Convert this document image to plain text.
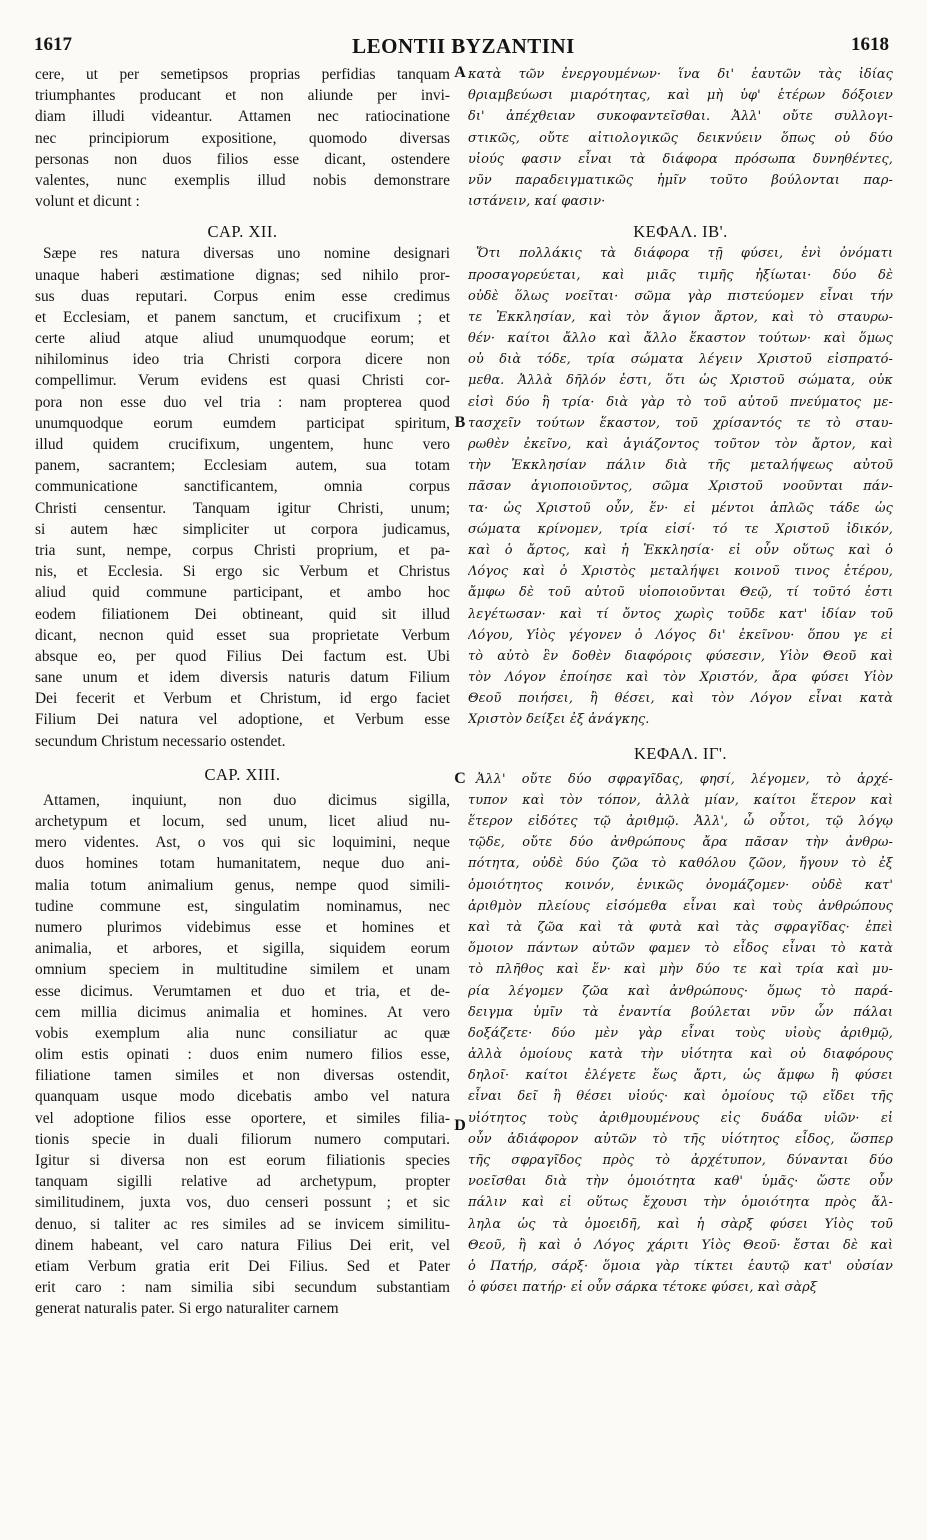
1617	LEONTII BYZANTINI	1618
A
B
C
D
cere, ut per semetipsos proprias perfidias tanquam
triumphantes producant et non aliunde per invi-
diam illudi videantur. Attamen nec ratiocinatione
nec principiorum expositione, quomodo diversas
personas non duos filios esse dicant, ostendere
valentes, nunc exemplis illud nobis demonstrare
volunt et dicunt :
CAP. XII.
Sæpe res natura diversas uno nomine designari
unaque haberi æstimatione dignas; sed nihilo pror-
sus duas reputari. Corpus enim esse credimus
et Ecclesiam, et panem sanctum, et crucifixum ; et
certe aliud atque aliud unumquodque eorum; et
nihilominus ideo tria Christi corpora dicere non
compellimur. Verum evidens est quasi Christi cor-
pora non esse duo vel tria : nam propterea quod
unumquodque eorum eumdem participat spiritum,
illud quidem crucifixum, ungentem, hunc vero
panem, sacrantem; Ecclesiam autem, sua totam
communicatione sanctificantem, omnia corpus
Christi censentur. Tanquam igitur Christi, unum;
si autem hæc simpliciter ut corpora judicamus,
tria sunt, nempe, corpus Christi proprium, et pa-
nis, et Ecclesia. Si ergo sic Verbum et Christus
aliud quid commune participant, et ambo hoc
eodem filiationem Dei obtineant, quid sit illud
dicant, necnon quid esset sua proprietate Verbum
absque eo, per quod Filius Dei factum est. Ubi
sane unum et idem diversis naturis datum Filium
Dei fecerit et Verbum et Christum, id ergo faciet
Filium Dei natura vel adoptione, et Verbum esse
secundum Christum necessario ostendet.
CAP. XIII.
Attamen, inquiunt, non duo dicimus sigilla,
archetypum et locum, sed unum, licet aliud nu-
mero videntes. Ast, o vos qui sic loquimini, neque
duos homines totam humanitatem, neque duo ani-
malia totum animalium genus, nempe quod simili-
tudine commune est, singulatim nominamus, nec
numero plurimos videbimus esse et homines et
animalia, et arbores, et sigilla, siquidem eorum
omnium speciem in multitudine similem et unam
esse dicimus. Verumtamen et duo et tria, et de-
cem millia dicimus animalia et homines. At vero
vobis exemplum alia nunc consiliatur ac quæ
olim estis opinati : duos enim numero filios esse,
filiatione tamen similes et non diversas ostendit,
quanquam usque modo dicebatis ambo vel natura
vel adoptione filios esse oportere, et similes filia-
tionis specie in duali filiorum numero computari.
Igitur si diversa non est eorum filiationis species
tanquam sigilli relative ad archetypum, propter
similitudinem, juxta vos, duo censeri possunt ; et sic
denuo, si taliter ac res similes ad se invicem similitu-
dinem habeant, vel caro natura Filius Dei erit, vel
etiam Verbum gratia erit Dei Filius. Sed et Pater
erit caro : nam similia sibi secundum substantiam
generat naturalis pater. Si ergo naturaliter carnem
κατὰ τῶν ἐνεργουμένων· ἵνα δι' ἑαυτῶν τὰς ἰδίας
θριαμβεύωσι μιαρότητας, καὶ μὴ ὑφ' ἑτέρων δόξοιεν
δι' ἀπέχθειαν συκοφαντεῖσθαι. Ἀλλ' οὔτε συλλογι-
στικῶς, οὔτε αἰτιολογικῶς δεικνύειν ὅπως οὐ δύο
υἱούς φασιν εἶναι τὰ διάφορα πρόσωπα δυνηθέντες,
νῦν παραδειγματικῶς ἡμῖν τοῦτο βούλονται παρ-
ιστάνειν, καί φασιν·
ΚΕΦΑΛ. ΙΒ'.
Ὅτι πολλάκις τὰ διάφορα τῇ φύσει, ἑνὶ ὀνόματι
προσαγορεύεται, καὶ μιᾶς τιμῆς ἠξίωται· δύο δὲ
οὐδὲ ὅλως νοεῖται· σῶμα γὰρ πιστεύομεν εἶναι τήν
τε Ἐκκλησίαν, καὶ τὸν ἅγιον ἄρτον, καὶ τὸ σταυρω-
θέν· καίτοι ἄλλο καὶ ἄλλο ἕκαστον τούτων· καὶ ὅμως
οὐ διὰ τόδε, τρία σώματα λέγειν Χριστοῦ εἰσπρατό-
μεθα. Ἀλλὰ δῆλόν ἐστι, ὅτι ὡς Χριστοῦ σώματα, οὐκ
εἰσὶ δύο ἢ τρία· διὰ γὰρ τὸ τοῦ αὐτοῦ πνεύματος με-
τασχεῖν τούτων ἕκαστον, τοῦ χρίσαντός τε τὸ σταυ-
ρωθὲν ἐκεῖνο, καὶ ἁγιάζοντος τοῦτον τὸν ἄρτον, καὶ
τὴν Ἐκκλησίαν πάλιν διὰ τῆς μεταλήψεως αὐτοῦ
πᾶσαν ἁγιοποιοῦντος, σῶμα Χριστοῦ νοοῦνται πάν-
τα· ὡς Χριστοῦ οὖν, ἕν· εἰ μέντοι ἁπλῶς τάδε ὡς
σώματα κρίνομεν, τρία εἰσί· τό τε Χριστοῦ ἰδικόν,
καὶ ὁ ἄρτος, καὶ ἡ Ἐκκλησία· εἰ οὖν οὕτως καὶ ὁ
Λόγος καὶ ὁ Χριστὸς μεταλήψει κοινοῦ τινος ἑτέρου,
ἄμφω δὲ τοῦ αὐτοῦ υἱοποιοῦνται Θεῷ, τί τοῦτό ἐστι
λεγέτωσαν· καὶ τί ὄντος χωρὶς τοῦδε κατ' ἰδίαν τοῦ
Λόγου, Υἱὸς γέγονεν ὁ Λόγος δι' ἐκεῖνου· ὅπου γε εἰ
τὸ αὐτὸ ἓν δοθὲν διαφόροις φύσεσιν, Υἱὸν Θεοῦ καὶ
τὸν Λόγον ἐποίησε καὶ τὸν Χριστόν, ἄρα φύσει Υἱὸν
Θεοῦ ποιήσει, ἢ θέσει, καὶ τὸν Λόγον εἶναι κατὰ
Χριστὸν δείξει ἐξ ἀνάγκης.
ΚΕΦΑΛ. ΙΓ'.
Ἀλλ' οὔτε δύο σφραγῖδας, φησί, λέγομεν, τὸ ἀρχέ-
τυπον καὶ τὸν τόπον, ἀλλὰ μίαν, καίτοι ἕτερον καὶ
ἕτερον εἰδότες τῷ ἀριθμῷ. Ἀλλ', ὦ οὗτοι, τῷ λόγῳ
τῷδε, οὔτε δύο ἀνθρώπους ἄρα πᾶσαν τὴν ἀνθρω-
πότητα, οὐδὲ δύο ζῶα τὸ καθόλου ζῶον, ἤγουν τὸ ἐξ
ὁμοιότητος κοινόν, ἑνικῶς ὀνομάζομεν· οὐδὲ κατ'
ἀριθμὸν πλείους εἰσόμεθα εἶναι καὶ τοὺς ἀνθρώπους
καὶ τὰ ζῶα καὶ τὰ φυτὰ καὶ τὰς σφραγῖδας· ἐπεὶ
ὅμοιον πάντων αὐτῶν φαμεν τὸ εἶδος εἶναι τὸ κατὰ
τὸ πλῆθος καὶ ἕν· καὶ μὴν δύο τε καὶ τρία καὶ μυ-
ρία λέγομεν ζῶα καὶ ἀνθρώπους· ὅμως τὸ παρά-
δειγμα ὑμῖν τὰ ἐναντία βούλεται νῦν ὧν πάλαι
δοξάζετε· δύο μὲν γὰρ εἶναι τοὺς υἱοὺς ἀριθμῷ,
ἀλλὰ ὁμοίους κατὰ τὴν υἱότητα καὶ οὐ διαφόρους
δηλοῖ· καίτοι ἐλέγετε ἕως ἄρτι, ὡς ἄμφω ἢ φύσει
εἶναι δεῖ ἢ θέσει υἱούς· καὶ ὁμοίους τῷ εἴδει τῆς
υἱότητος τοὺς ἀριθμουμένους εἰς δυάδα υἱῶν· εἰ
οὖν ἀδιάφορον αὐτῶν τὸ τῆς υἱότητος εἶδος, ὥσπερ
τῆς σφραγῖδος πρὸς τὸ ἀρχέτυπον, δύνανται δύο
νοεῖσθαι διὰ τὴν ὁμοιότητα καθ' ὑμᾶς· ὥστε οὖν
πάλιν καὶ εἰ οὕτως ἔχουσι τὴν ὁμοιότητα πρὸς ἄλ-
ληλα ὡς τὰ ὁμοειδῆ, καὶ ἡ σὰρξ φύσει Υἱὸς τοῦ
Θεοῦ, ἢ καὶ ὁ Λόγος χάριτι Υἱὸς Θεοῦ· ἔσται δὲ καὶ
ὁ Πατήρ, σάρξ· ὅμοια γὰρ τίκτει ἑαυτῷ κατ' οὐσίαν
ὁ φύσει πατήρ· εἰ οὖν σάρκα τέτοκε φύσει, καὶ σὰρξ
